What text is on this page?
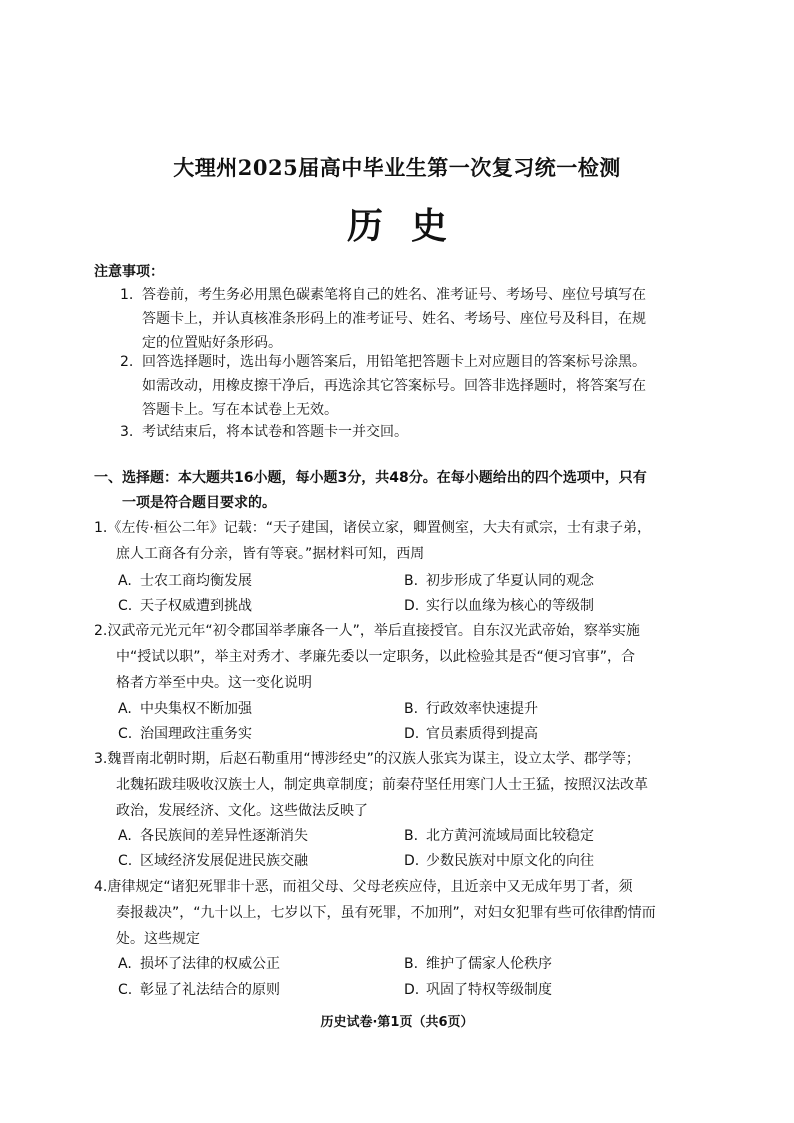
大理州2025届高中毕业生第一次复习统一检测
历史
注意事项：
1. 答卷前，考生务必用黑色碳素笔将自己的姓名、准考证号、考场号、座位号填写在
答题卡上，并认真核准条形码上的准考证号、姓名、考场号、座位号及科目，在规
定的位置贴好条形码。
2. 回答选择题时，选出每小题答案后，用铅笔把答题卡上对应题目的答案标号涂黑。
如需改动，用橡皮擦干净后，再选涂其它答案标号。回答非选择题时，将答案写在
答题卡上。写在本试卷上无效。
3. 考试结束后，将本试卷和答题卡一并交回。
一、选择题：本大题共16小题，每小题3分，共48分。在每小题给出的四个选项中，只有
一项是符合题目要求的。
1.《左传·桓公二年》记载：“天子建国，诸侯立家，卿置侧室，大夫有贰宗，士有隶子弟，
庶人工商各有分亲，皆有等衰。”据材料可知，西周
A. 士农工商均衡发展	B. 初步形成了华夏认同的观念
C. 天子权威遭到挑战	D. 实行以血缘为核心的等级制
2.汉武帝元光元年“初令郡国举孝廉各一人”，举后直接授官。自东汉光武帝始，察举实施
中“授试以职”，举主对秀才、孝廉先委以一定职务，以此检验其是否“便习官事”，合
格者方举至中央。这一变化说明
A. 中央集权不断加强	B. 行政效率快速提升
C. 治国理政注重务实	D. 官员素质得到提高
3.魏晋南北朝时期，后赵石勒重用“博涉经史”的汉族人张宾为谋主，设立太学、郡学等；
北魏拓跋珪吸收汉族士人，制定典章制度；前秦苻坚任用寒门人士王猛，按照汉法改革
政治，发展经济、文化。这些做法反映了
A. 各民族间的差异性逐渐消失	B. 北方黄河流域局面比较稳定
C. 区域经济发展促进民族交融	D. 少数民族对中原文化的向往
4.唐律规定“诸犯死罪非十恶，而祖父母、父母老疾应侍，且近亲中又无成年男丁者，须
奏报裁决”，“九十以上，七岁以下，虽有死罪，不加刑”，对妇女犯罪有些可依律酌情而
处。这些规定
A. 损坏了法律的权威公正	B. 维护了儒家人伦秩序
C. 彰显了礼法结合的原则	D. 巩固了特权等级制度
历史试卷·第1页（共6页）
